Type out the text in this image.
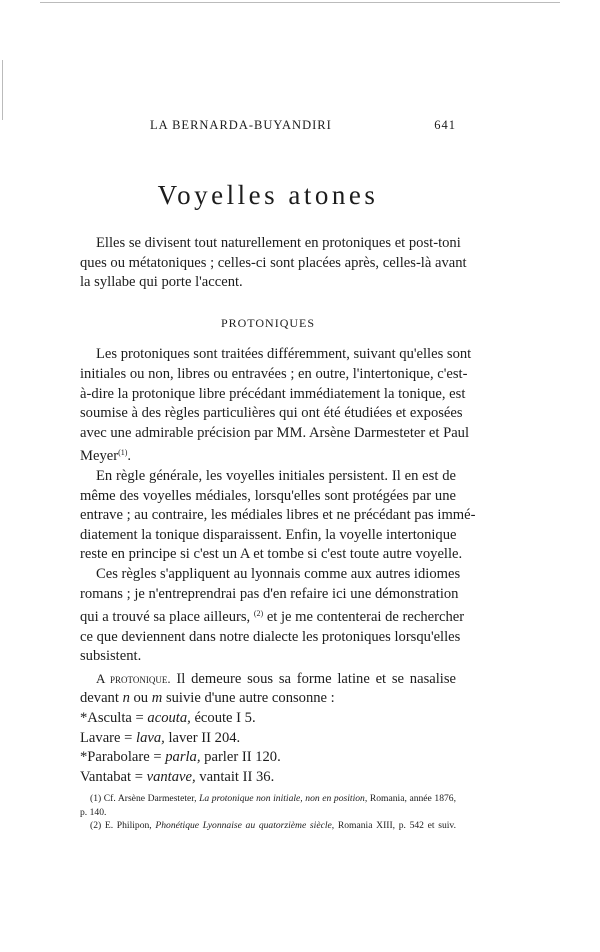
LA BERNARDA-BUYANDIRI	641
Voyelles atones
Elles se divisent tout naturellement en protoniques et post-toni
ques ou métatoniques ; celles-ci sont placées après, celles-là avant
la syllabe qui porte l'accent.
PROTONIQUES
Les protoniques sont traitées différemment, suivant qu'elles sont
initiales ou non, libres ou entravées ; en outre, l'intertonique, c'est-
à-dire la protonique libre précédant immédiatement la tonique, est
soumise à des règles particulières qui ont été étudiées et exposées
avec une admirable précision par MM. Arsène Darmesteter et Paul
Meyer$^{(1)}$.
En règle générale, les voyelles initiales persistent. Il en est de
même des voyelles médiales, lorsqu'elles sont protégées par une
entrave ; au contraire, les médiales libres et ne précédant pas immé-
diatement la tonique disparaissent. Enfin, la voyelle intertonique
reste en principe si c'est un A et tombe si c'est toute autre voyelle.
Ces règles s'appliquent au lyonnais comme aux autres idiomes
romans ; je n'entreprendrai pas d'en refaire ici une démonstration
qui a trouvé sa place ailleurs, $^{(2)}$ et je me contenterai de rechercher
ce que deviennent dans notre dialecte les protoniques lorsqu'elles
subsistent.
A protonique. Il demeure sous sa forme latine et se nasalise
devant n ou m suivie d'une autre consonne :
*Ascultа = acouta, écoute I 5.
Lavare = lava, laver II 204.
*Parabolare = parla, parler II 120.
Vantabat = vantave, vantait II 36.
(1) Cf. Arsène Darmesteter, La protonique non initiale, non en position, Romania, année 1876,
p. 140.
(2) E. Philipon, Phonétique Lyonnaise au quatorzième siècle, Romania XIII, p. 542 et suiv.
